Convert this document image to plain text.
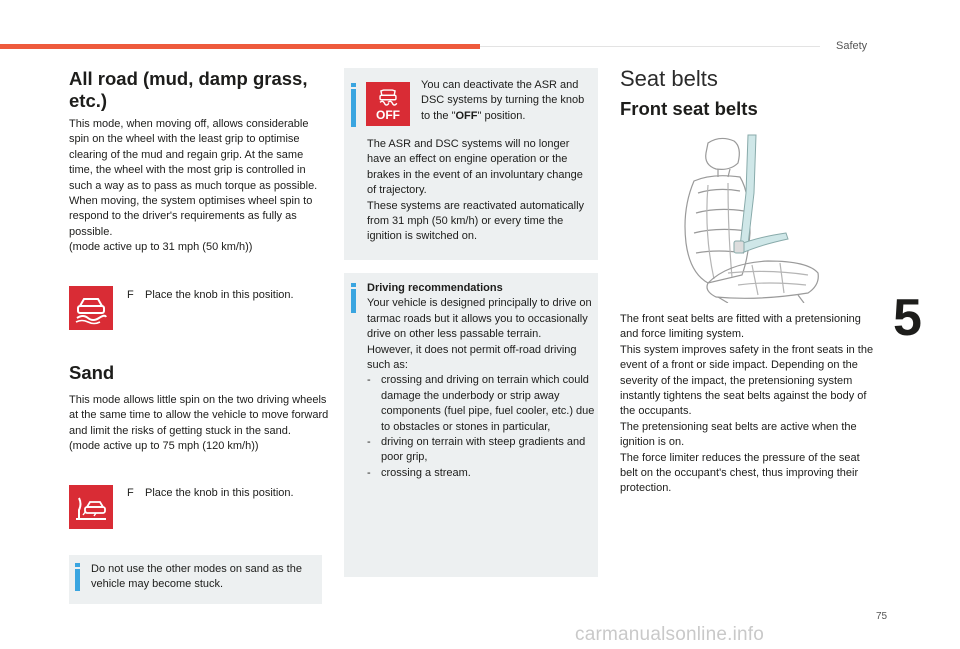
Safety
5
75
carmanualsonline.info
All road (mud, damp grass,
etc.)

This mode, when moving off, allows considerable spin on the wheel with the least grip to optimise clearing of the mud and regain grip. At the same time, the wheel with the most grip is controlled in such a way as to pass as much torque as possible.

When moving, the system optimises wheel spin to respond to the driver's requirements as fully as possible.

(mode active up to 31 mph (50 km/h))

F Place the knob in this position.
Sand

This mode allows little spin on the two driving wheels at the same time to allow the vehicle to move forward and limit the risks of getting stuck in the sand.

(mode active up to 75 mph (120 km/h))

F Place the knob in this position.
Do not use the other modes on sand as the vehicle may become stuck.
OFF
You can deactivate the ASR and DSC systems by turning the knob to the "OFF" position.

The ASR and DSC systems will no longer have an effect on engine operation or the brakes in the event of an involuntary change of trajectory.

These systems are reactivated automatically from 31 mph (50 km/h) or every time the ignition is switched on.

Driving recommendations

Your vehicle is designed principally to drive on tarmac roads but it allows you to occasionally drive on other less passable terrain.

However, it does not permit off-road driving such as:

- crossing and driving on terrain which could damage the underbody or strip away components (fuel pipe, fuel cooler, etc.) due to obstacles or stones in particular,
- driving on terrain with steep gradients and poor grip,
- crossing a stream.
Seat belts
Front seat belts

The front seat belts are fitted with a pretensioning and force limiting system.

This system improves safety in the front seats in the event of a front or side impact. Depending on the severity of the impact, the pretensioning system instantly tightens the seat belts against the body of the occupants.

The pretensioning seat belts are active when the ignition is on.

The force limiter reduces the pressure of the seat belt on the occupant's chest, thus improving their protection.
